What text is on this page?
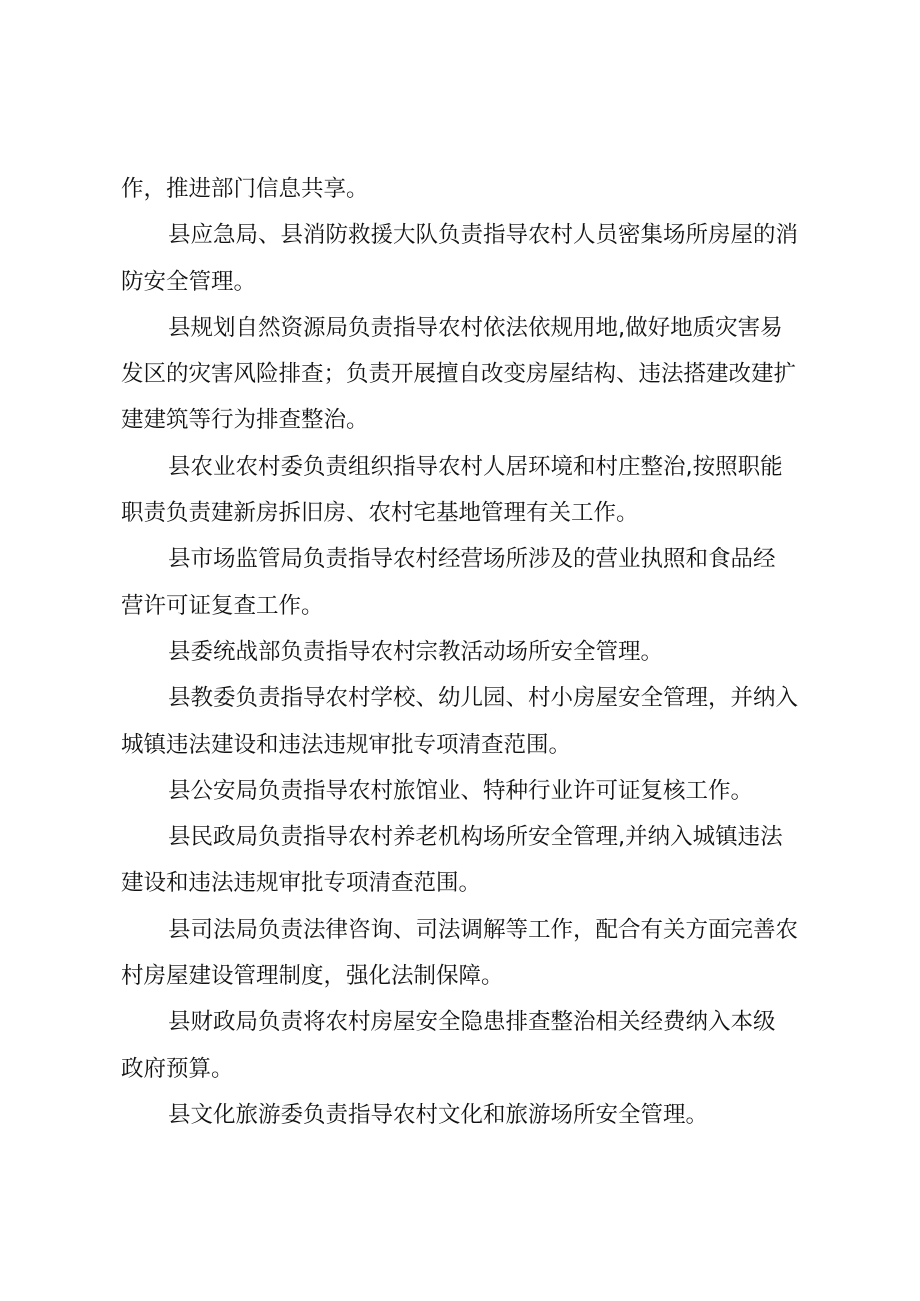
作，推进部门信息共享。
县应急局、县消防救援大队负责指导农村人员密集场所房屋的消
防安全管理。
县规划自然资源局负责指导农村依法依规用地,做好地质灾害易
发区的灾害风险排查；负责开展擅自改变房屋结构、违法搭建改建扩
建建筑等行为排查整治。
县农业农村委负责组织指导农村人居环境和村庄整治,按照职能
职责负责建新房拆旧房、农村宅基地管理有关工作。
县市场监管局负责指导农村经营场所涉及的营业执照和食品经
营许可证复查工作。
县委统战部负责指导农村宗教活动场所安全管理。
县教委负责指导农村学校、幼儿园、村小房屋安全管理，并纳入
城镇违法建设和违法违规审批专项清查范围。
县公安局负责指导农村旅馆业、特种行业许可证复核工作。
县民政局负责指导农村养老机构场所安全管理,并纳入城镇违法
建设和违法违规审批专项清查范围。
县司法局负责法律咨询、司法调解等工作，配合有关方面完善农
村房屋建设管理制度，强化法制保障。
县财政局负责将农村房屋安全隐患排查整治相关经费纳入本级
政府预算。
县文化旅游委负责指导农村文化和旅游场所安全管理。
